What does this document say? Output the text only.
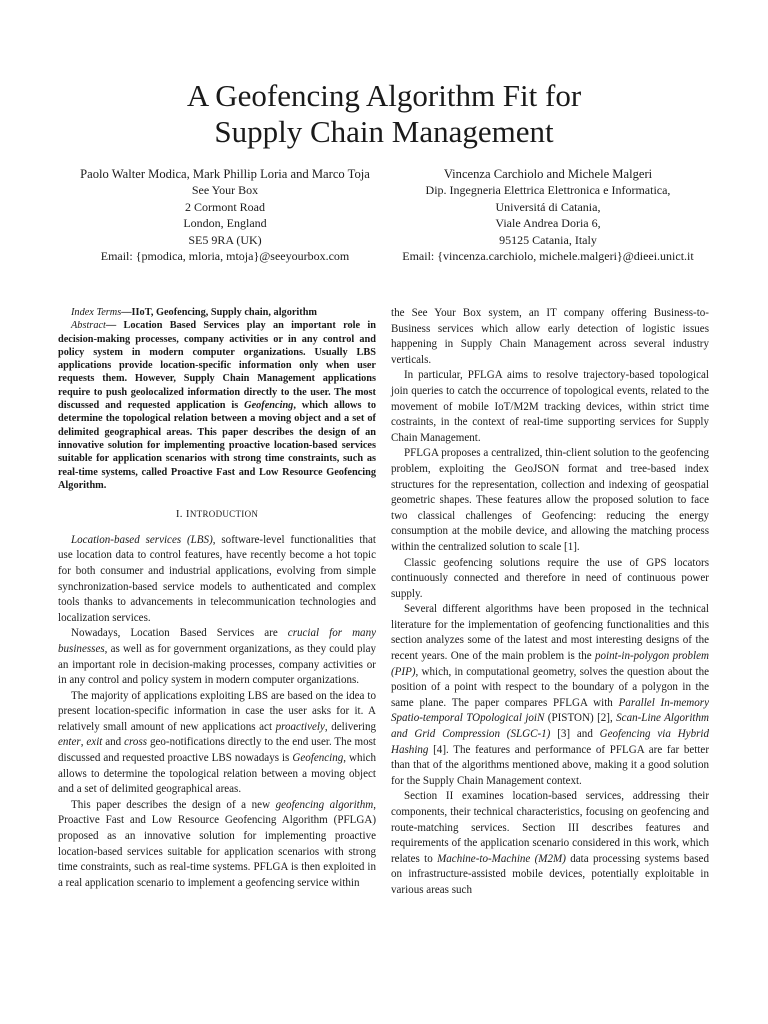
A Geofencing Algorithm Fit for
Supply Chain Management
Paolo Walter Modica, Mark Phillip Loria and Marco Toja
See Your Box
2 Cormont Road
London, England
SE5 9RA (UK)
Email: {pmodica, mloria, mtoja}@seeyourbox.com
Vincenza Carchiolo and Michele Malgeri
Dip. Ingegneria Elettrica Elettronica e Informatica,
Universitá di Catania,
Viale Andrea Doria 6,
95125 Catania, Italy
Email: {vincenza.carchiolo, michele.malgeri}@dieei.unict.it

Index Terms—IIoT, Geofencing, Supply chain, algorithm

Abstract— Location Based Services play an important role in decision-making processes, company activities or in any control and policy system in modern computer organizations. Usually LBS applications provide location-specific information only when user requests them. However, Supply Chain Management applications require to push geolocalized information directly to the user. The most discussed and requested application is Geofencing, which allows to determine the topological relation between a moving object and a set of delimited geographical areas. This paper describes the design of an innovative solution for implementing proactive location-based services suitable for application scenarios with strong time constraints, such as real-time systems, called Proactive Fast and Low Resource Geofencing Algorithm.

I. INTRODUCTION

Location-based services (LBS), software-level functionalities that use location data to control features, have recently become a hot topic for both consumer and industrial applications, evolving from simple synchronization-based service models to authenticated and complex tools thanks to advancements in telecommunication technologies and localization services.

Nowadays, Location Based Services are crucial for many businesses, as well as for government organizations, as they could play an important role in decision-making processes, company activities or in any control and policy system in modern computer organizations.

The majority of applications exploiting LBS are based on the idea to present location-specific information in case the user asks for it. A relatively small amount of new applications act proactively, delivering enter, exit and cross geo-notifications directly to the end user. The most discussed and requested proactive LBS nowadays is Geofencing, which allows to determine the topological relation between a moving object and a set of delimited geographical areas.

This paper describes the design of a new geofencing algorithm, Proactive Fast and Low Resource Geofencing Algorithm (PFLGA) proposed as an innovative solution for implementing proactive location-based services suitable for application scenarios with strong time constraints, such as real-time systems. PFLGA is then exploited in a real application scenario to implement a geofencing service within

the See Your Box system, an IT company offering Business-to-Business services which allow early detection of logistic issues happening in Supply Chain Management across several industry verticals.

In particular, PFLGA aims to resolve trajectory-based topological join queries to catch the occurrence of topological events, related to the movement of mobile IoT/M2M tracking devices, within strict time costraints, in the context of real-time supporting services for Supply Chain Management.

PFLGA proposes a centralized, thin-client solution to the geofencing problem, exploiting the GeoJSON format and tree-based index structures for the representation, collection and indexing of geospatial geometric shapes. These features allow the proposed solution to face two classical challenges of Geofencing: reducing the energy consumption at the mobile device, and allowing the matching process within the centralized solution to scale [1].

Classic geofencing solutions require the use of GPS locators continuously connected and therefore in need of continuous power supply.

Several different algorithms have been proposed in the technical literature for the implementation of geofencing functionalities and this section analyzes some of the latest and most interesting designs of the recent years. One of the main problem is the point-in-polygon problem (PIP), which, in computational geometry, solves the question about the position of a point with respect to the boundary of a polygon in the same plane. The paper compares PFLGA with Parallel In-memory Spatio-temporal TOpological joiN (PISTON) [2], Scan-Line Algorithm and Grid Compression (SLGC-1) [3] and Geofencing via Hybrid Hashing [4]. The features and performance of PFLGA are far better than that of the algorithms mentioned above, making it a good solution for the Supply Chain Management context.

Section II examines location-based services, addressing their components, their technical characteristics, focusing on geofencing and route-matching services. Section III describes features and requirements of the application scenario considered in this work, which relates to Machine-to-Machine (M2M) data processing systems based on infrastructure-assisted mobile devices, potentially exploitable in various areas such
